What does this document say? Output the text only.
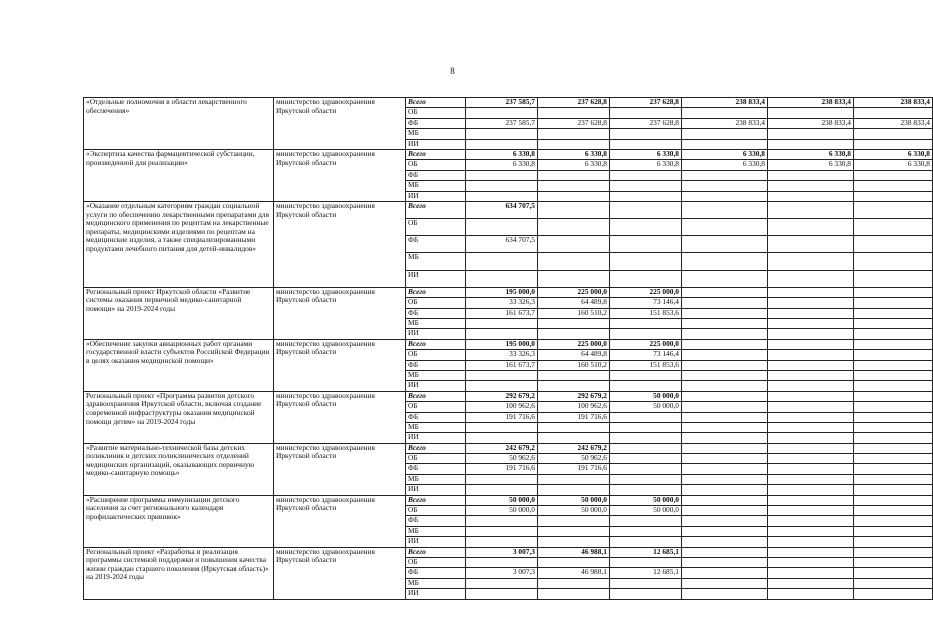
8
«Отдельные полномочия в области лекарственного обеспечения»	министерство здравоохранения Иркутской области	Всего	237 585,7	237 628,8	237 628,8	238 833,4	238 833,4	238 833,4
		ОБ						
		ФБ	237 585,7	237 628,8	237 628,8	238 833,4	238 833,4	238 833,4
		МБ						
		ИИ						
«Экспертиза качества фармацевтической субстанции, произведенной для реализации»	министерство здравоохранения Иркутской области	Всего	6 330,8	6 330,8	6 330,8	6 330,8	6 330,8	6 330,8
		ОБ	6 330,8	6 330,8	6 330,8	6 330,8	6 330,8	6 330,8
		ФБ						
		МБ						
		ИИ						
«Оказание отдельным категориям граждан социальной услуги по обеспечению лекарственными препаратами для медицинского применения по рецептам на лекарственные препараты, медицинскими изделиями по рецептам на медицинские изделия, а также специализированными продуктами лечебного питания для детей-инвалидов»	министерство здравоохранения Иркутской области	Всего	634 707,5					
		ОБ						
		ФБ	634 707,5					
		МБ						
		ИИ						
Региональный проект Иркутской области «Развитие системы оказания первичной медико-санитарной помощи» на 2019-2024 годы	министерство здравоохранения Иркутской области	Всего	195 000,0	225 000,0	225 000,0			
		ОБ	33 326,3	64 489,8	73 146,4			
		ФБ	161 673,7	160 510,2	151 853,6			
		МБ						
		ИИ						
«Обеспечение закупки авиационных работ органами государственной власти субъектов Российской Федерации в целях оказания медицинской помощи»	министерство здравоохранения Иркутской области	Всего	195 000,0	225 000,0	225 000,0			
		ОБ	33 326,3	64 489,8	73 146,4			
		ФБ	161 673,7	160 510,2	151 853,6			
		МБ						
		ИИ						
Региональный проект «Программа развития детского здравоохранения Иркутской области, включая создание современной инфраструктуры оказания медицинской помощи детям» на 2019-2024 годы	министерство здравоохранения Иркутской области	Всего	292 679,2	292 679,2	50 000,0			
		ОБ	100 962,6	100 962,6	50 000,0			
		ФБ	191 716,6	191 716,6				
		МБ						
		ИИ						
«Развитие материально-технической базы детских поликлиник и детских поликлинических отделений медицинских организаций, оказывающих первичную медико-санитарную помощь»	министерство здравоохранения Иркутской области	Всего	242 679,2	242 679,2				
		ОБ	50 962,6	50 962,6				
		ФБ	191 716,6	191 716,6				
		МБ						
		ИИ						
«Расширение программы иммунизации детского населения за счет регионального календаря профилактических прививок»	министерство здравоохранения Иркутской области	Всего	50 000,0	50 000,0	50 000,0			
		ОБ	50 000,0	50 000,0	50 000,0			
		ФБ						
		МБ						
		ИИ						
Региональный проект «Разработка и реализация программы системной поддержки и повышения качества жизни граждан старшего поколения (Иркутская область)» на 2019-2024 годы	министерство здравоохранения Иркутской области	Всего	3 007,3	46 988,1	12 685,1			
		ОБ						
		ФБ	3 007,3	46 988,1	12 685,1			
		МБ						
		ИИ						
